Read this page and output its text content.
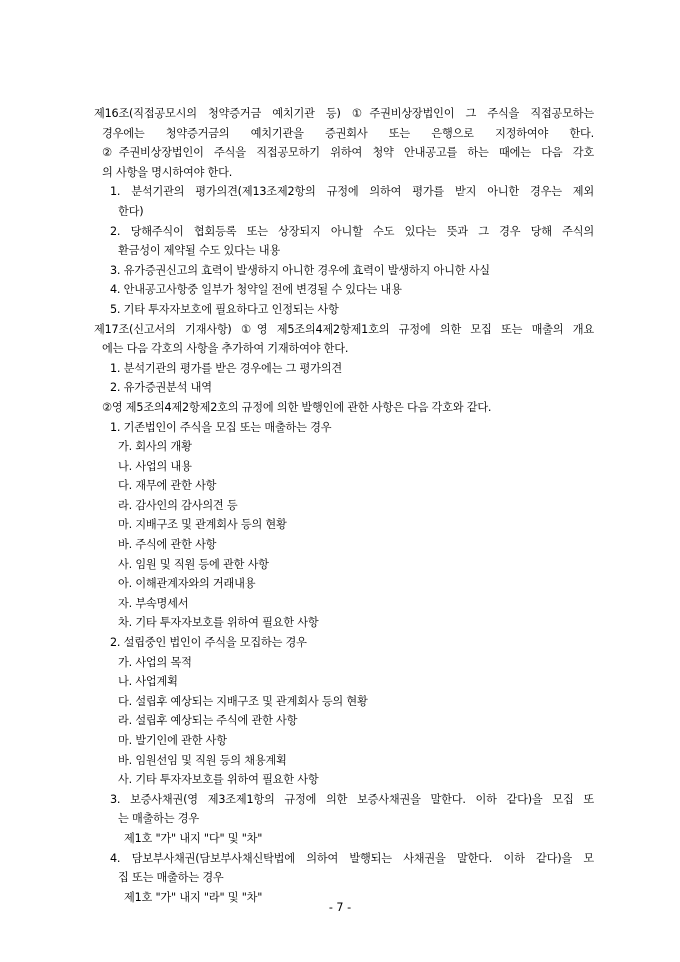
제16조(직접공모시의 청약증거금 예치기관 등) ①주권비상장법인이 그 주식을 직접공모하는
경우에는 청약증거금의 예치기관을 증권회사 또는 은행으로 지정하여야 한다.
②주권비상장법인이 주식을 직접공모하기 위하여 청약 안내공고를 하는 때에는 다음 각호
의 사항을 명시하여야 한다.
1. 분석기관의 평가의견(제13조제2항의 규정에 의하여 평가를 받지 아니한 경우는 제외
한다)
2. 당해주식이 협회등록 또는 상장되지 아니할 수도 있다는 뜻과 그 경우 당해 주식의
환금성이 제약될 수도 있다는 내용
3. 유가증권신고의 효력이 발생하지 아니한 경우에 효력이 발생하지 아니한 사실
4. 안내공고사항중 일부가 청약일 전에 변경될 수 있다는 내용
5. 기타 투자자보호에 필요하다고 인정되는 사항
제17조(신고서의 기재사항) ①영 제5조의4제2항제1호의 규정에 의한 모집 또는 매출의 개요
에는 다음 각호의 사항을 추가하여 기재하여야 한다.
1. 분석기관의 평가를 받은 경우에는 그 평가의견
2. 유가증권분석 내역
②영 제5조의4제2항제2호의 규정에 의한 발행인에 관한 사항은 다음 각호와 같다.
1. 기존법인이 주식을 모집 또는 매출하는 경우
가. 회사의 개황
나. 사업의 내용
다. 재무에 관한 사항
라. 감사인의 감사의견 등
마. 지배구조 및 관계회사 등의 현황
바. 주식에 관한 사항
사. 임원 및 직원 등에 관한 사항
아. 이해관계자와의 거래내용
자. 부속명세서
차. 기타 투자자보호를 위하여 필요한 사항
2. 설립중인 법인이 주식을 모집하는 경우
가. 사업의 목적
나. 사업계획
다. 설립후 예상되는 지배구조 및 관계회사 등의 현황
라. 설립후 예상되는 주식에 관한 사항
마. 발기인에 관한 사항
바. 임원선임 및 직원 등의 채용계획
사. 기타 투자자보호를 위하여 필요한 사항
3. 보증사채권(영 제3조제1항의 규정에 의한 보증사채권을 말한다. 이하 같다)을 모집 또
는 매출하는 경우
제1호 "가" 내지 "다" 및 "차"
4. 담보부사채권(담보부사채신탁법에 의하여 발행되는 사채권을 말한다. 이하 같다)을 모
집 또는 매출하는 경우
제1호 "가" 내지 "라" 및 "차"
- 7 -
